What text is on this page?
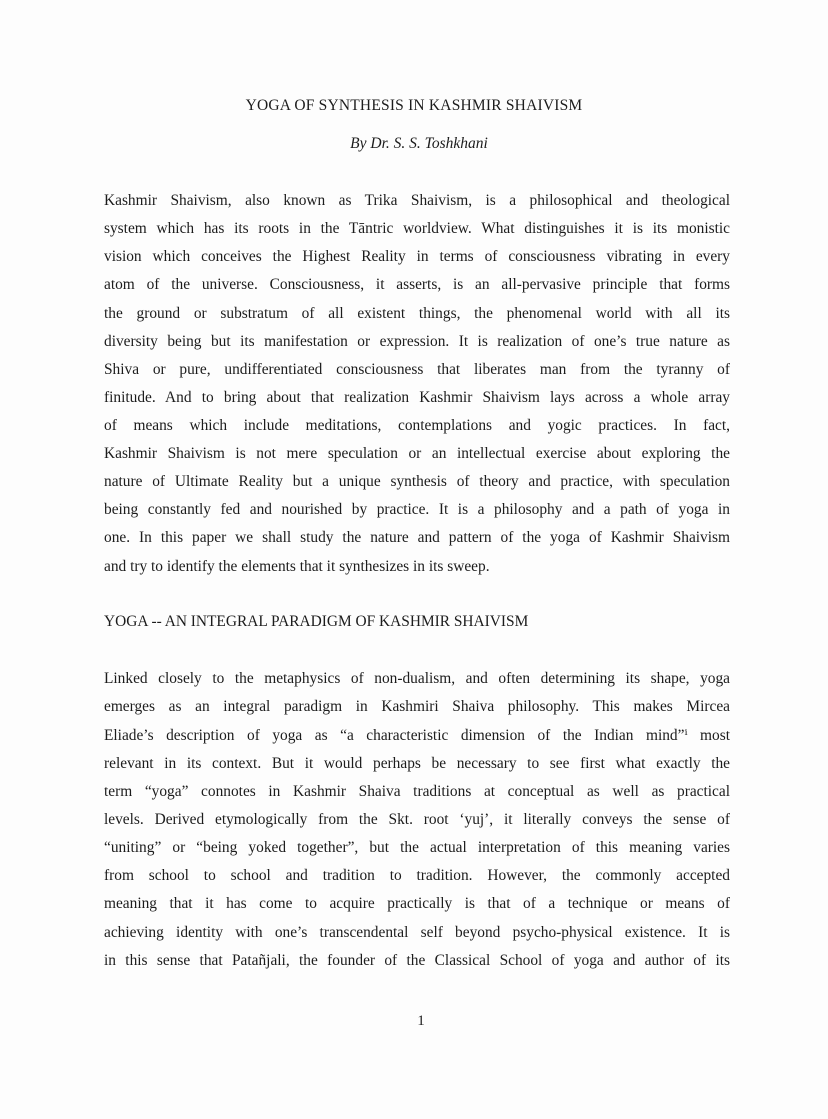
YOGA OF SYNTHESIS IN KASHMIR SHAIVISM
By Dr. S. S. Toshkhani
Kashmir Shaivism, also known as Trika Shaivism, is a philosophical and theological
system which has its roots in the Tāntric worldview. What distinguishes it is its monistic
vision which conceives the Highest Reality in terms of consciousness vibrating in every
atom of the universe. Consciousness, it asserts, is an all-pervasive principle that forms
the ground or substratum of all existent things, the phenomenal world with all its
diversity being but its manifestation or expression. It is realization of one’s true nature as
Shiva or pure, undifferentiated consciousness that liberates man from the tyranny of
finitude. And to bring about that realization Kashmir Shaivism lays across a whole array
of means which include meditations, contemplations and yogic practices. In fact,
Kashmir Shaivism is not mere speculation or an intellectual exercise about exploring the
nature of Ultimate Reality but a unique synthesis of theory and practice, with speculation
being constantly fed and nourished by practice. It is a philosophy and a path of yoga in
one. In this paper we shall study the nature and pattern of the yoga of Kashmir Shaivism
and try to identify the elements that it synthesizes in its sweep.
YOGA -- AN INTEGRAL PARADIGM OF KASHMIR SHAIVISM
Linked closely to the metaphysics of non-dualism, and often determining its shape, yoga
emerges as an integral paradigm in Kashmiri Shaiva philosophy. This makes Mircea
Eliade’s description of yoga as “a characteristic dimension of the Indian mind”ⁱ most
relevant in its context. But it would perhaps be necessary to see first what exactly the
term “yoga” connotes in Kashmir Shaiva traditions at conceptual as well as practical
levels. Derived etymologically from the Skt. root ‘yuj’, it literally conveys the sense of
“uniting” or “being yoked together”, but the actual interpretation of this meaning varies
from school to school and tradition to tradition. However, the commonly accepted
meaning that it has come to acquire practically is that of a technique or means of
achieving identity with one’s transcendental self beyond psycho-physical existence. It is
in this sense that Patañjali, the founder of the Classical School of yoga and author of its
1
